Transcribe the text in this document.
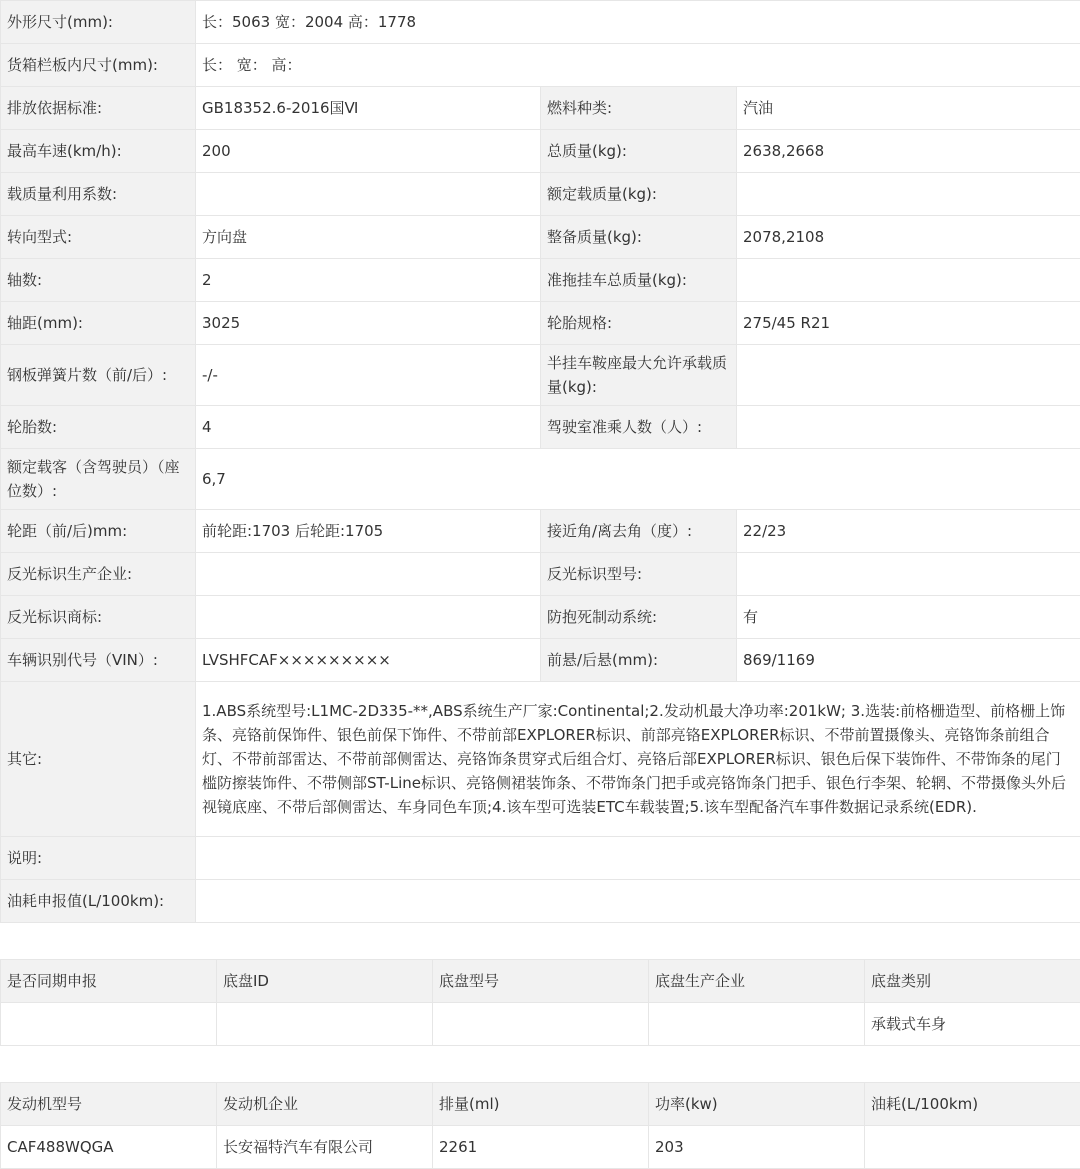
外形尺寸(mm):	长：5063 宽：2004 高：1778		
货箱栏板内尺寸(mm):	长： 宽： 高：		
排放依据标准:	GB18352.6-2016国Ⅵ	燃料种类:	汽油
最高车速(km/h):	200	总质量(kg):	2638,2668
载质量利用系数:		额定载质量(kg):	
转向型式:	方向盘	整备质量(kg):	2078,2108
轴数:	2	准拖挂车总质量(kg):	
轴距(mm):	3025	轮胎规格:	275/45 R21
钢板弹簧片数（前/后）:	-/-	半挂车鞍座最大允许承载质量(kg):	
轮胎数:	4	驾驶室准乘人数（人）:	
额定载客（含驾驶员）（座位数）:	6,7		
轮距（前/后)mm:	前轮距:1703 后轮距:1705	接近角/离去角（度）:	22/23
反光标识生产企业:		反光标识型号:	
反光标识商标:		防抱死制动系统:	有
车辆识别代号（VIN）:	LVSHFCAF×××××××××	前悬/后悬(mm):	869/1169
其它:	1.ABS系统型号:L1MC-2D335-**,ABS系统生产厂家:Continental;2.发动机最大净功率:201kW; 3.选装:前格栅造型、前格栅上饰条、亮铬前保饰件、银色前保下饰件、不带前部EXPLORER标识、前部亮铬EXPLORER标识、不带前置摄像头、亮铬饰条前组合灯、不带前部雷达、不带前部侧雷达、亮铬饰条贯穿式后组合灯、亮铬后部EXPLORER标识、银色后保下装饰件、不带饰条的尾门槛防擦装饰件、不带侧部ST-Line标识、亮铬侧裙装饰条、不带饰条门把手或亮铬饰条门把手、银色行李架、轮辋、不带摄像头外后视镜底座、不带后部侧雷达、车身同色车顶;4.该车型可选装ETC车载装置;5.该车型配备汽车事件数据记录系统(EDR).		
说明:			
油耗申报值(L/100km):			
是否同期申报	底盘ID	底盘型号	底盘生产企业	底盘类别
				承载式车身
发动机型号	发动机企业	排量(ml)	功率(kw)	油耗(L/100km)
CAF488WQGA	长安福特汽车有限公司	2261	203	
